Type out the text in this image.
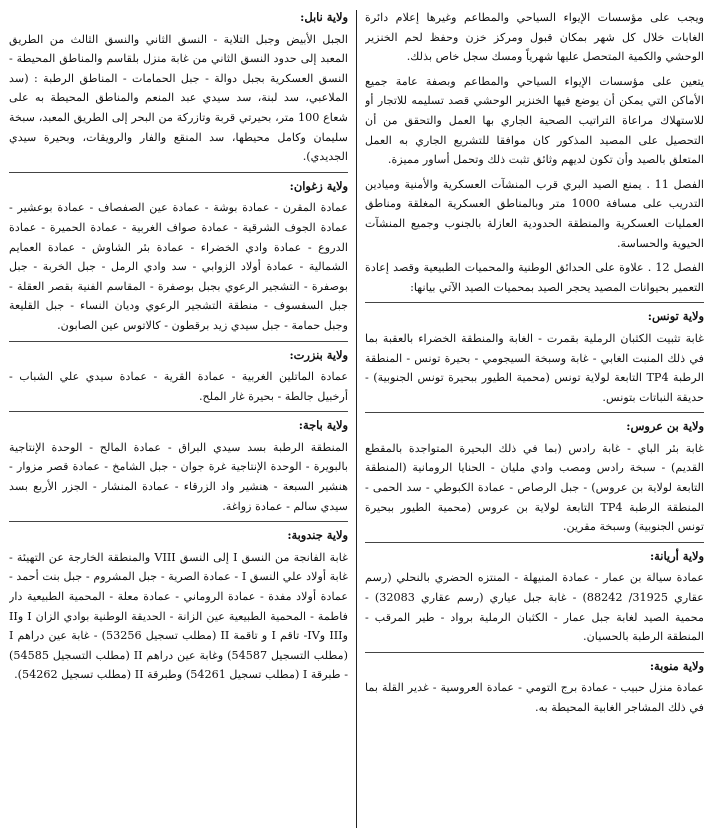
ويجب على مؤسسات الإيواء السياحي والمطاعم وغيرها إعلام دائرة الغابات خلال كل شهر بمكان قبول ومركز خزن وحفظ لحم الخنزير الوحشي والكمية المتحصل عليها شهرياً ومسك سجل خاص بذلك.

يتعين على مؤسسات الإيواء السياحي والمطاعم وبصفة عامة جميع الأماكن التي يمكن أن يوضع فيها الخنزير الوحشي قصد تسليمه للاتجار أو للاستهلاك مراعاة التراتيب الصحية الجاري بها العمل والتحقق من أن التحصيل على المصيد المذكور كان موافقا للتشريع الجاري به العمل المتعلق بالصيد وأن تكون لديهم وثائق تثبت ذلك وتحمل أساور مميزة.

الفصل 11 . يمنع الصيد البري قرب المنشآت العسكرية والأمنية وميادين التدريب على مسافة 1000 متر وبالمناطق العسكرية المغلقة ومناطق العمليات العسكرية والمنطقة الحدودية العازلة بالجنوب وجميع المنشآت الحيوية والحساسة.

الفصل 12 . علاوة على الحدائق الوطنية والمحميات الطبيعية وقصد إعادة التعمير بحيوانات المصيد يحجر الصيد بمحميات الصيد الآتي بيانها:

ولاية تونس:

غابة تثبيت الكثبان الرملية بقمرت - الغابة والمنطقة الخضراء بالعقبة بما في ذلك المنبت الغابي - غابة وسبخة السيجومي - بحيرة تونس - المنطقة الرطبة TP4 التابعة لولاية تونس (محمية الطيور ببحيرة تونس الجنوبية) - حديقة النباتات بتونس.

ولاية بن عروس:

غابة بئر الباي - غابة رادس (بما في ذلك البحيرة المتواجدة بالمقطع القديم) - سبخة رادس ومصب وادي مليان - الحنايا الرومانية (المنطقة التابعة لولاية بن عروس) - جبل الرصاص - عمادة الكبوطي - سد الحمى - المنطقة الرطبة TP4 التابعة لولاية بن عروس (محمية الطيور ببحيرة تونس الجنوبية) وسبخة مقرين.

ولاية أريانة:

عمادة سيالة بن عمار - عمادة المنيهلة - المنتزه الحضري بالنحلي (رسم عقاري 31925/ 88242) - غابة جبل عياري (رسم عقاري 32083) - محمية الصيد لغابة جبل عمار - الكثبان الرملية برواد - طير المرقب - المنطقة الرطبة بالحسيان.

ولاية منوبة:

عمادة منزل حبيب - عمادة برج التومي - عمادة العروسية - غدير القلة بما في ذلك المشاجر الغابية المحيطة به.

ولاية نابل:

الجبل الأبيض وجبل التلاية - النسق الثاني والنسق الثالث من الطريق المعبد إلى حدود النسق الثاني من غابة منزل بلقاسم والمناطق المحيطة - النسق العسكرية بجبل دوالة - جبل الحمامات - المناطق الرطبة : (سد الملاعبي، سد لبنة، سد سيدي عبد المنعم والمناطق المحيطة به على شعاع 100 متر، بحيرتي قربة وتازركة من البحر إلى الطريق المعبد، سبخة سليمان وكامل محيطها، سد المنقع والفار والرويقات، وبحيرة سيدي الجديدي).

ولاية زغوان:

عمادة المقرن - عمادة بوشة - عمادة عين الصفصاف - عمادة بوعشير - عمادة الجوف الشرقية - عمادة صواف الغربية - عمادة الحميرة - عمادة الدروع - عمادة وادي الخضراء - عمادة بئر الشاوش - عمادة العمايم الشمالية - عمادة أولاد الزوابي - سد وادي الرمل - جبل الخربة - جبل بوصفرة - التشجير الرعوي بجبل بوصفرة - المقاسم الفنية بقصر العقلة - جبل السفسوف - منطقة التشجير الرعوي وديان النساء - جبل القليعة وجبل حمامة - جبل سيدي زيد برقطون - كالاتوس عين الصابون.

ولاية بنزرت:

عمادة الماتلين الغربية - عمادة القرية - عمادة سيدي علي الشباب - أرخبيل جالطة - بحيرة غار الملح.

ولاية باجة:

المنطقة الرطبة بسد سيدي البراق - عمادة المالح - الوحدة الإنتاجية بالبويرة - الوحدة الإنتاجية غرة جوان - جبل الشامخ - عمادة قصر مزوار - هنشير السبعة - هنشير واد الزرقاء - عمادة المنشار - الجزر الأربع بسد سيدي سالم - عمادة زواغة.

ولاية جندوبة:

غابة الفانجة من النسق I إلى النسق VIII والمنطقة الخارجة عن التهيئة - غابة أولاد علي النسق I - عمادة الصرية - جبل المشروم - جبل بنت أحمد - عمادة أولاد مفدة - عمادة الروماني - عمادة معلة - المحمية الطبيعية دار فاطمة - المحمية الطبيعية عين الزانة - الحديقة الوطنية بوادي الزان I وII وIII وIV- تاقم I و تاقمة II (مطلب تسجيل 53256) - غابة عين دراهم I (مطلب التسجيل 54587) وغابة عين دراهم II (مطلب التسجيل 54585) - طبرقة I (مطلب تسجيل 54261) وطبرقة II (مطلب تسجيل 54262).
